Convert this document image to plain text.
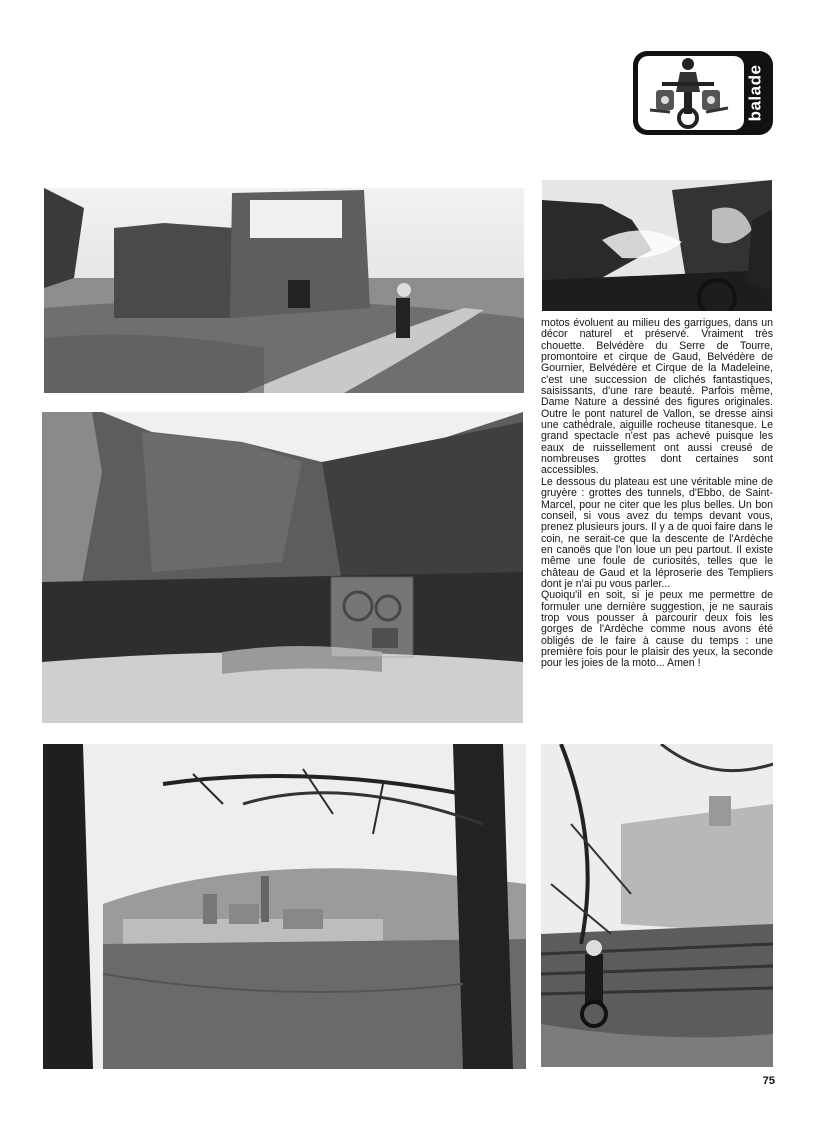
balade

motos évoluent au milieu des garrigues, dans un décor naturel et préservé. Vraiment très chouette. Belvédère du Serre de Tourre, promontoire et cirque de Gaud, Belvédère de Gournier, Belvédère et Cirque de la Madeleine, c'est une succession de clichés fantastiques, saisissants, d'une rare beauté. Parfois même, Dame Nature a dessiné des figures originales. Outre le pont naturel de Vallon, se dresse ainsi une cathédrale, aiguille rocheuse titanesque. Le grand spectacle n'est pas achevé puisque les eaux de ruissellement ont aussi creusé de nombreuses grottes dont certaines sont accessibles.

Le dessous du plateau est une véritable mine de gruyère : grottes des tunnels, d'Ebbo, de Saint-Marcel, pour ne citer que les plus belles. Un bon conseil, si vous avez du temps devant vous, prenez plusieurs jours. Il y a de quoi faire dans le coin, ne serait-ce que la descente de l'Ardèche en canoës que l'on loue un peu partout. Il existe même une foule de curiosités, telles que le château de Gaud et la léproserie des Templiers dont je n'ai pu vous parler...

Quoiqu'il en soit, si je peux me permettre de formuler une dernière suggestion, je ne saurais trop vous pousser à parcourir deux fois les gorges de l'Ardèche comme nous avons été obligés de le faire à cause du temps : une première fois pour le plaisir des yeux, la seconde pour les joies de la moto... Amen !

75
